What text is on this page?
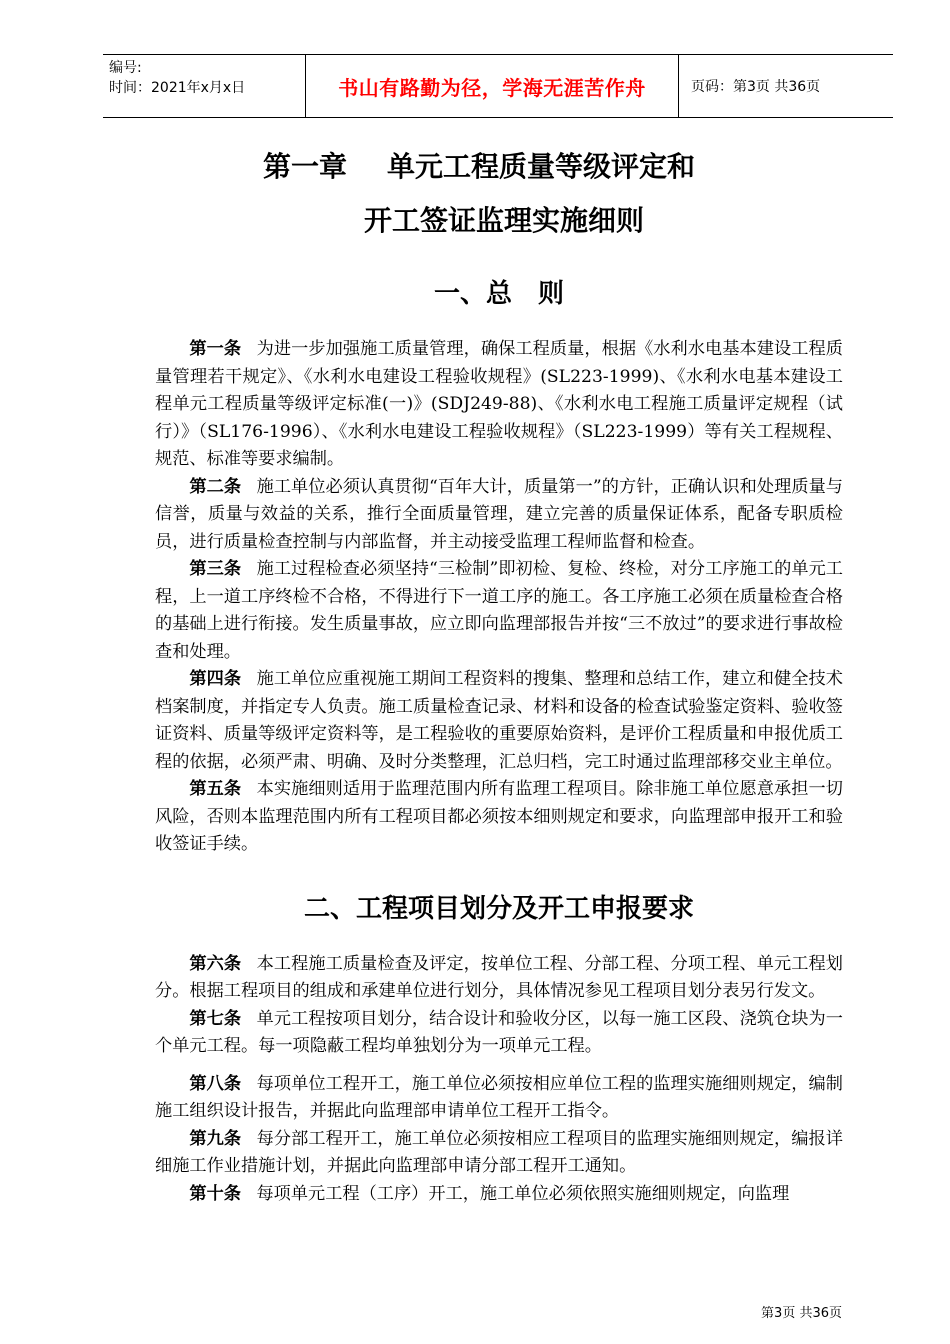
编号:
时间：2021年x月x日	书山有路勤为径，学海无涯苦作舟	页码：第3页 共36页
第一章 单元工程质量等级评定和
开工签证监理实施细则
一、总　则

第一条 为进一步加强施工质量管理，确保工程质量，根据《水利水电基本建设工程质量管理若干规定》、《水利水电建设工程验收规程》(SL223-1999)、《水利水电基本建设工程单元工程质量等级评定标准(一)》(SDJ249-88)、《水利水电工程施工质量评定规程（试行）》（SL176-1996）、《水利水电建设工程验收规程》（SL223-1999）等有关工程规程、规范、标准等要求编制。

第二条 施工单位必须认真贯彻“百年大计，质量第一”的方针，正确认识和处理质量与信誉，质量与效益的关系，推行全面质量管理，建立完善的质量保证体系，配备专职质检员，进行质量检查控制与内部监督，并主动接受监理工程师监督和检查。

第三条 施工过程检查必须坚持“三检制”即初检、复检、终检，对分工序施工的单元工程，上一道工序终检不合格，不得进行下一道工序的施工。各工序施工必须在质量检查合格的基础上进行衔接。发生质量事故，应立即向监理部报告并按“三不放过”的要求进行事故检查和处理。

第四条 施工单位应重视施工期间工程资料的搜集、整理和总结工作，建立和健全技术档案制度，并指定专人负责。施工质量检查记录、材料和设备的检查试验鉴定资料、验收签证资料、质量等级评定资料等，是工程验收的重要原始资料，是评价工程质量和申报优质工程的依据，必须严肃、明确、及时分类整理，汇总归档，完工时通过监理部移交业主单位。

第五条 本实施细则适用于监理范围内所有监理工程项目。除非施工单位愿意承担一切风险，否则本监理范围内所有工程项目都必须按本细则规定和要求，向监理部申报开工和验收签证手续。

二、工程项目划分及开工申报要求

第六条 本工程施工质量检查及评定，按单位工程、分部工程、分项工程、单元工程划分。根据工程项目的组成和承建单位进行划分，具体情况参见工程项目划分表另行发文。

第七条 单元工程按项目划分，结合设计和验收分区，以每一施工区段、浇筑仓块为一个单元工程。每一项隐蔽工程均单独划分为一项单元工程。

第八条 每项单位工程开工，施工单位必须按相应单位工程的监理实施细则规定，编制施工组织设计报告，并据此向监理部申请单位工程开工指令。

第九条 每分部工程开工，施工单位必须按相应工程项目的监理实施细则规定，编报详细施工作业措施计划，并据此向监理部申请分部工程开工通知。

第十条 每项单元工程（工序）开工，施工单位必须依照实施细则规定，向监理

第3页 共36页
